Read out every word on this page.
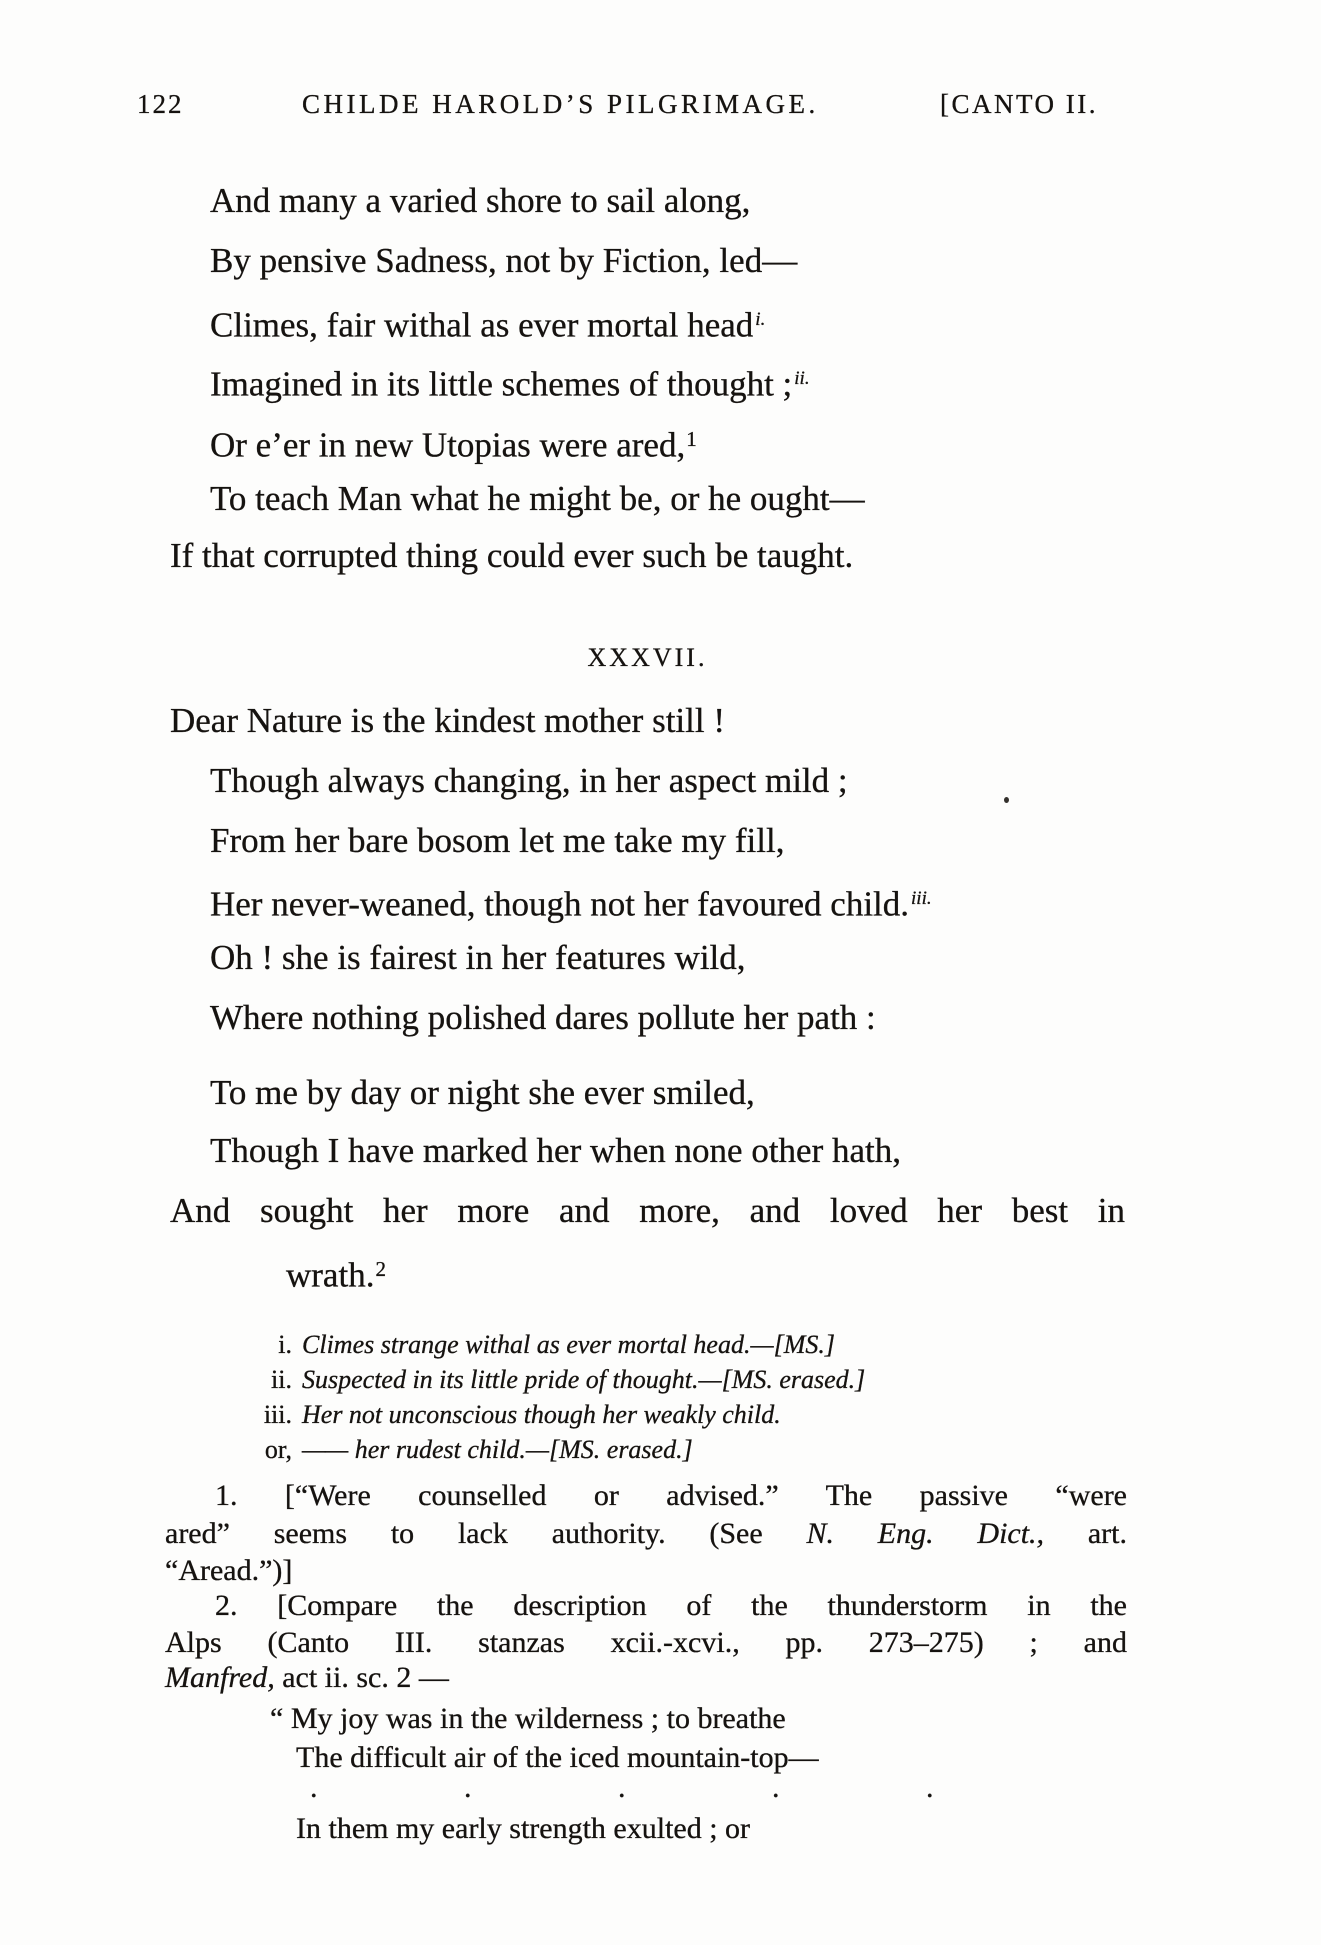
122	CHILDE HAROLD’S PILGRIMAGE.	[CANTO II.
And many a varied shore to sail along,
By pensive Sadness, not by Fiction, led—
Climes, fair withal as ever mortal head $^{i.}$
Imagined in its little schemes of thought ; $^{ii.}$
Or e’er in new Utopias were ared,$^1$
To teach Man what he might be, or he ought—
If that corrupted thing could ever such be taught.
XXXVII.
Dear Nature is the kindest mother still !
Though always changing, in her aspect mild ;
From her bare bosom let me take my fill,
Her never-weaned, though not her favoured child. $^{iii.}$
Oh ! she is fairest in her features wild,
Where nothing polished dares pollute her path :
To me by day or night she ever smiled,
Though I have marked her when none other hath,
And sought her more and more, and loved her best in
wrath.$^2$
i. Climes strange withal as ever mortal head.—[MS.]
ii. Suspected in its little pride of thought.—[MS. erased.]
iii. Her not unconscious though her weakly child.
or, —— her rudest child.—[MS. erased.]
1. [“Were counselled or advised.” The passive “were
ared” seems to lack authority. (See N. Eng. Dict., art.
“Aread.”)]
2. [Compare the description of the thunderstorm in the
Alps (Canto III. stanzas xcii.-xcvi., pp. 273–275) ; and
Manfred, act ii. sc. 2 —
“ My joy was in the wilderness ; to breathe
The difficult air of the iced mountain-top—
. . . . .
In them my early strength exulted ; or
